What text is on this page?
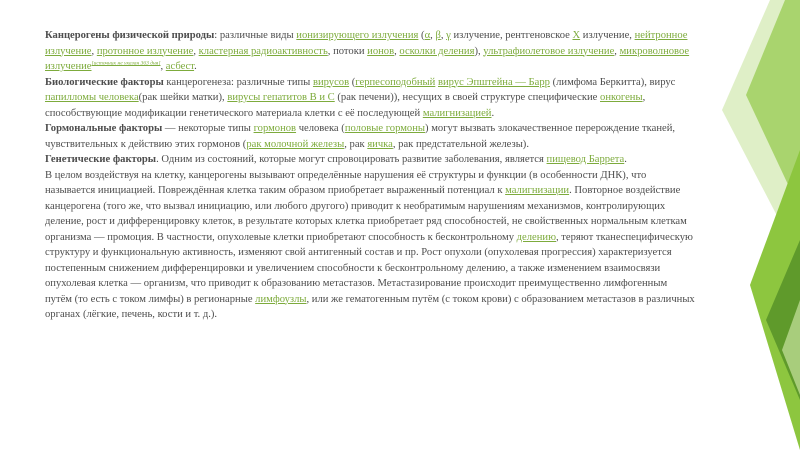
Канцерогены физической природы: различные виды ионизирующего излучения (α, β, γ излучение, рентгеновское X излучение, нейтронное излучение, протонное излучение, кластерная радиоактивность, потоки ионов, осколки деления), ультрафиолетовое излучение, микроволновое излучение[источник не указан 363 дня], асбест.

Биологические факторы канцерогенеза: различные типы вирусов (герпесоподобный вирус Эпштейна — Барр (лимфома Беркитта), вирус папилломы человека(рак шейки матки), вирусы гепатитов В и С (рак печени)), несущих в своей структуре специфические онкогены, способствующие модификации генетического материала клетки с её последующей малигнизацией.

Гормональные факторы — некоторые типы гормонов человека (половые гормоны) могут вызвать злокачественное перерождение тканей, чувствительных к действию этих гормонов (рак молочной железы, рак яичка, рак предстательной железы).

Генетические факторы. Одним из состояний, которые могут спровоцировать развитие заболевания, является пищевод Баррета.

В целом воздействуя на клетку, канцерогены вызывают определённые нарушения её структуры и функции (в особенности ДНК), что называется инициацией. Повреждённая клетка таким образом приобретает выраженный потенциал к малигнизации. Повторное воздействие канцерогена (того же, что вызвал инициацию, или любого другого) приводит к необратимым нарушениям механизмов, контролирующих деление, рост и дифференцировку клеток, в результате которых клетка приобретает ряд способностей, не свойственных нормальным клеткам организма — промоция. В частности, опухолевые клетки приобретают способность к бесконтрольному делению, теряют тканеспецифическую структуру и функциональную активность, изменяют свой антигенный состав и пр. Рост опухоли (опухолевая прогрессия) характеризуется постепенным снижением дифференцировки и увеличением способности к бесконтрольному делению, а также изменением взаимосвязи опухолевая клетка — организм, что приводит к образованию метастазов. Метастазирование происходит преимущественно лимфогенным путём (то есть с током лимфы) в регионарные лимфоузлы, или же гематогенным путём (с током крови) с образованием метастазов в различных органах (лёгкие, печень, кости и т. д.).
